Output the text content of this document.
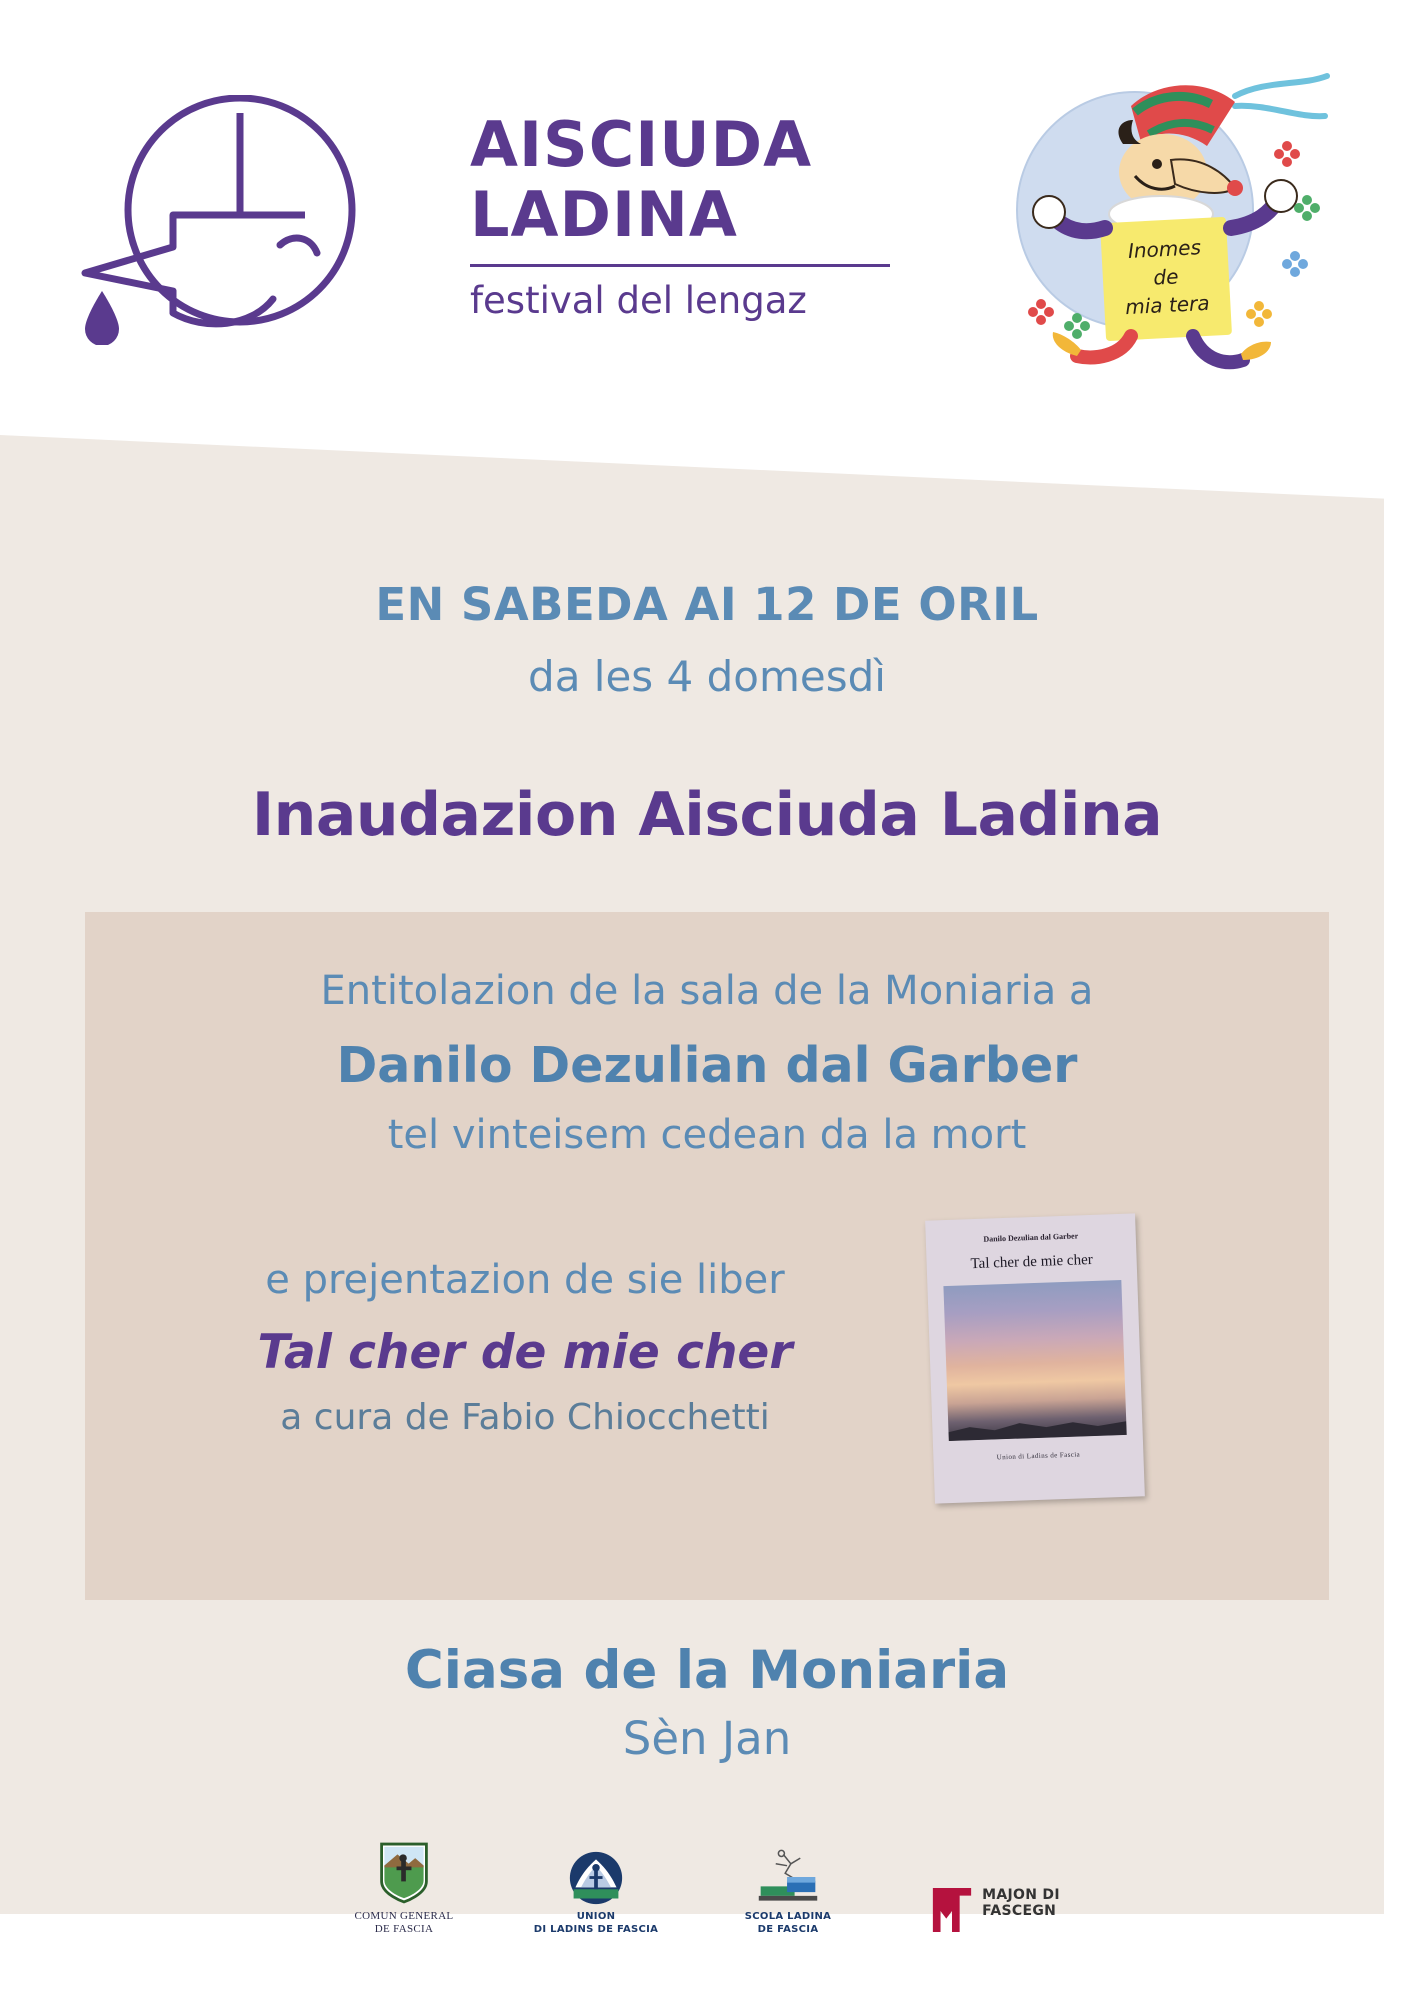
AISCIUDA
LADINA
festival del lengaz
Inomes
de
mia tera
EN SABEDA AI 12 DE ORIL
da les 4 domesdì
Inaudazion Aisciuda Ladina
Entitolazion de la sala de la Moniaria a
Danilo Dezulian dal Garber
tel vinteisem cedean da la mort
e prejentazion de sie liber
Tal cher de mie cher
a cura de Fabio Chiocchetti
Danilo Dezulian dal Garber
Tal cher de mie cher
Union di Ladins de Fascia
Ciasa de la Moniaria
Sèn Jan
COMUN GENERAL
DE FASCIA
UNION
DI LADINS DE FASCIA
SCOLA LADINA
DE FASCIA
MAJON DI
FASCEGN
